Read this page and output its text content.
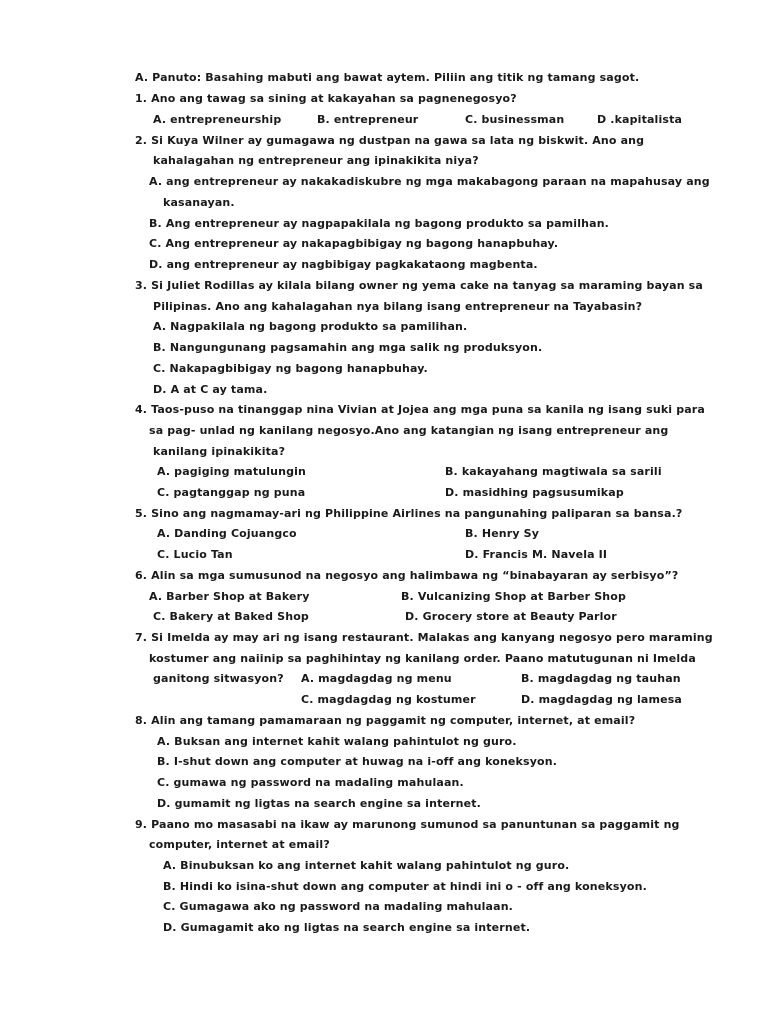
A. Panuto: Basahing mabuti ang bawat aytem. Piliin ang titik ng tamang sagot.
1. Ano ang tawag sa sining at kakayahan sa pagnenegosyo?
A. entrepreneurship	B. entrepreneur	C. businessman	D .kapitalista
2. Si Kuya Wilner ay gumagawa ng dustpan na gawa sa lata ng biskwit. Ano ang
kahalagahan ng entrepreneur ang ipinakikita niya?
A. ang entrepreneur ay nakakadiskubre ng mga makabagong paraan na mapahusay ang
kasanayan.
B. Ang entrepreneur ay nagpapakilala ng bagong produkto sa pamilhan.
C. Ang entrepreneur ay nakapagbibigay ng bagong hanapbuhay.
D. ang entrepreneur ay nagbibigay pagkakataong magbenta.
3. Si Juliet Rodillas ay kilala bilang owner ng yema cake na tanyag sa maraming bayan sa
Pilipinas. Ano ang kahalagahan nya bilang isang entrepreneur na Tayabasin?
A. Nagpakilala ng bagong produkto sa pamilihan.
B. Nangungunang pagsamahin ang mga salik ng produksyon.
C. Nakapagbibigay ng bagong hanapbuhay.
D. A at C ay tama.
4. Taos-puso na tinanggap nina Vivian at Jojea ang mga puna sa kanila ng isang suki para
sa pag- unlad ng kanilang negosyo.Ano ang katangian ng isang entrepreneur ang
kanilang ipinakikita?
A. pagiging matulungin	B. kakayahang magtiwala sa sarili
C. pagtanggap ng puna	D. masidhing pagsusumikap
5. Sino ang nagmamay-ari ng Philippine Airlines na pangunahing paliparan sa bansa.?
A. Danding Cojuangco	B. Henry Sy
C. Lucio Tan	D. Francis M. Navela II
6. Alin sa mga sumusunod na negosyo ang halimbawa ng “binabayaran ay serbisyo”?
A. Barber Shop at Bakery	B. Vulcanizing Shop at Barber Shop
C. Bakery at Baked Shop	D. Grocery store at Beauty Parlor
7. Si Imelda ay may ari ng isang restaurant. Malakas ang kanyang negosyo pero maraming
kostumer ang naiinip sa paghihintay ng kanilang order. Paano matutugunan ni Imelda
ganitong sitwasyon? A. magdagdag ng menu	B. magdagdag ng tauhan
C. magdagdag ng kostumer	D. magdagdag ng lamesa
8. Alin ang tamang pamamaraan ng paggamit ng computer, internet, at email?
A. Buksan ang internet kahit walang pahintulot ng guro.
B. I-shut down ang computer at huwag na i-off ang koneksyon.
C. gumawa ng password na madaling mahulaan.
D. gumamit ng ligtas na search engine sa internet.
9. Paano mo masasabi na ikaw ay marunong sumunod sa panuntunan sa paggamit ng
computer, internet at email?
A. Binubuksan ko ang internet kahit walang pahintulot ng guro.
B. Hindi ko isina-shut down ang computer at hindi ini o - off ang koneksyon.
C. Gumagawa ako ng password na madaling mahulaan.
D. Gumagamit ako ng ligtas na search engine sa internet.
